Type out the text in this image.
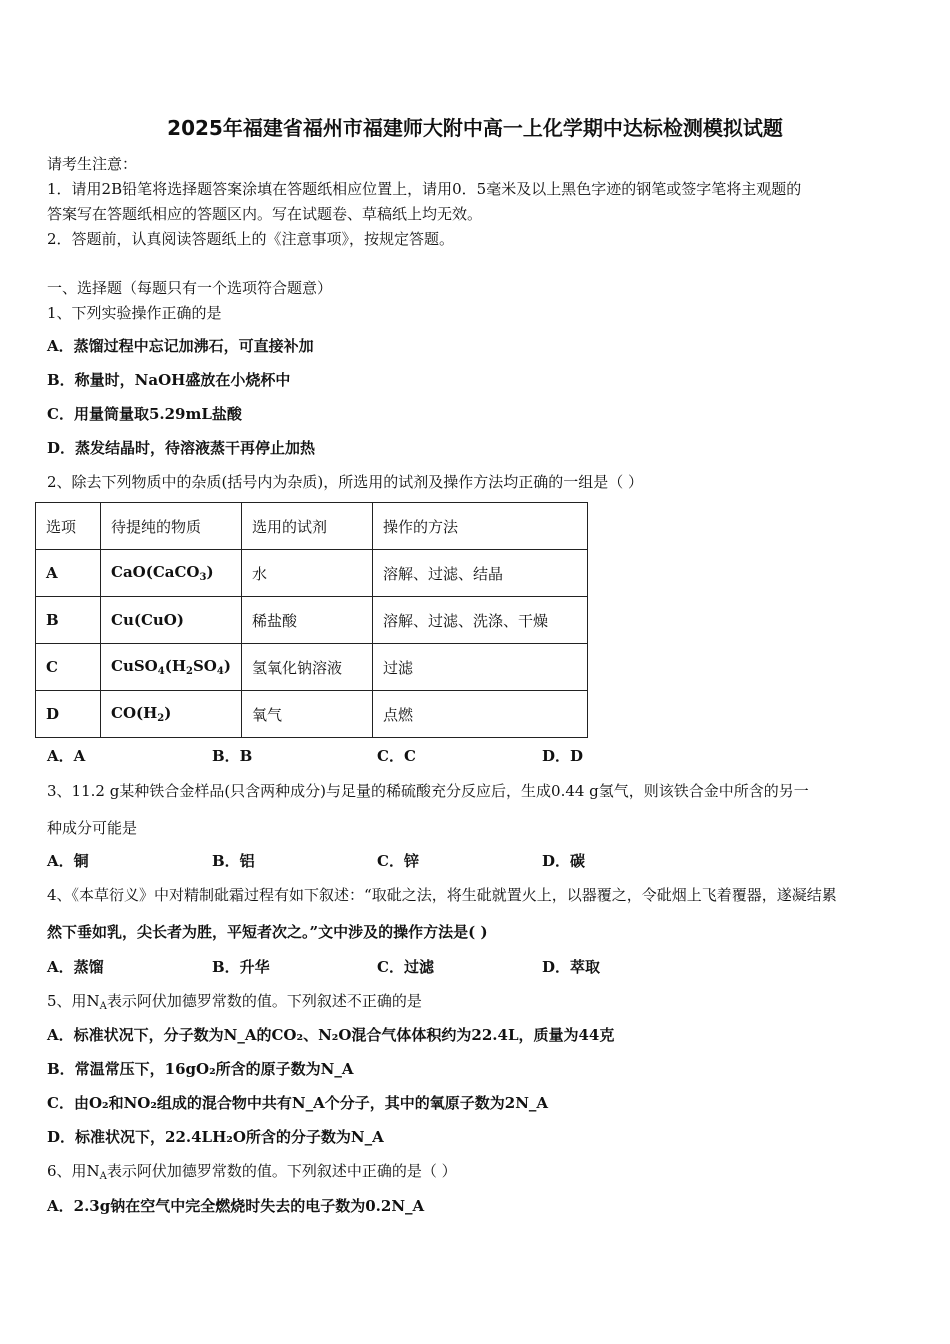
2025年福建省福州市福建师大附中高一上化学期中达标检测模拟试题
请考生注意：
1．请用2B铅笔将选择题答案涂填在答题纸相应位置上，请用0．5毫米及以上黑色字迹的钢笔或签字笔将主观题的
答案写在答题纸相应的答题区内。写在试题卷、草稿纸上均无效。
2．答题前，认真阅读答题纸上的《注意事项》，按规定答题。
一、选择题（每题只有一个选项符合题意）
1、下列实验操作正确的是
A．蒸馏过程中忘记加沸石，可直接补加
B．称量时，NaOH盛放在小烧杯中
C．用量筒量取5.29mL盐酸
D．蒸发结晶时，待溶液蒸干再停止加热
2、除去下列物质中的杂质(括号内为杂质)，所选用的试剂及操作方法均正确的一组是（ ）
选项	待提纯的物质	选用的试剂	操作的方法
A	CaO(CaCO$_3$)	水	溶解、过滤、结晶
B	Cu(CuO)	稀盐酸	溶解、过滤、洗涤、干燥
C	$CuSO_4(H_2SO_4)$	氢氧化钠溶液	过滤
D	$CO(H_2)$	氧气	点燃
A．A	B．B	C．C	D．D
3、11.2 g某种铁合金样品(只含两种成分)与足量的稀硫酸充分反应后，生成0.44 g氢气，则该铁合金中所含的另一
种成分可能是
A．铜	B．铝	C．锌	D．碳
4、《本草衍义》中对精制砒霜过程有如下叙述：“取砒之法，将生砒就置火上，以器覆之，令砒烟上飞着覆器，遂凝结累
然下垂如乳，尖长者为胜，平短者次之。”文中涉及的操作方法是( )
A．蒸馏	B．升华	C．过滤	D．萃取
5、用$N_A$表示阿伏加德罗常数的值。下列叙述不正确的是
A．标准状况下，分子数为N_A的CO₂、N₂O混合气体体积约为22.4L，质量为44克
B．常温常压下，16gO₂所含的原子数为N_A
C．由O₂和NO₂组成的混合物中共有N_A个分子，其中的氧原子数为2N_A
D．标准状况下，22.4LH₂O所含的分子数为N_A
6、用$N_A$表示阿伏加德罗常数的值。下列叙述中正确的是（ ）
A．2.3g钠在空气中完全燃烧时失去的电子数为0.2N_A
